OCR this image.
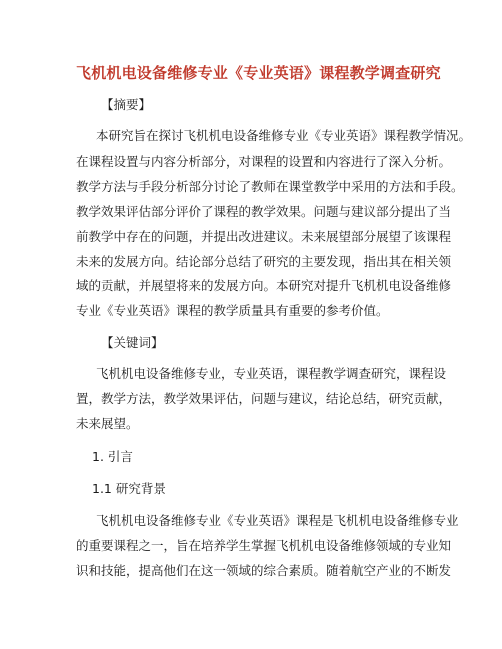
飞机机电设备维修专业《专业英语》课程教学调查研究
【摘要】
本研究旨在探讨飞机机电设备维修专业《专业英语》课程教学情况。
在课程设置与内容分析部分，对课程的设置和内容进行了深入分析。
教学方法与手段分析部分讨论了教师在课堂教学中采用的方法和手段。
教学效果评估部分评价了课程的教学效果。问题与建议部分提出了当
前教学中存在的问题，并提出改进建议。未来展望部分展望了该课程
未来的发展方向。结论部分总结了研究的主要发现，指出其在相关领
域的贡献，并展望将来的发展方向。本研究对提升飞机机电设备维修
专业《专业英语》课程的教学质量具有重要的参考价值。
【关键词】
飞机机电设备维修专业，专业英语，课程教学调查研究，课程设
置，教学方法，教学效果评估，问题与建议，结论总结，研究贡献，
未来展望。
1. 引言
1.1 研究背景
飞机机电设备维修专业《专业英语》课程是飞机机电设备维修专业
的重要课程之一，旨在培养学生掌握飞机机电设备维修领域的专业知
识和技能，提高他们在这一领域的综合素质。随着航空产业的不断发
